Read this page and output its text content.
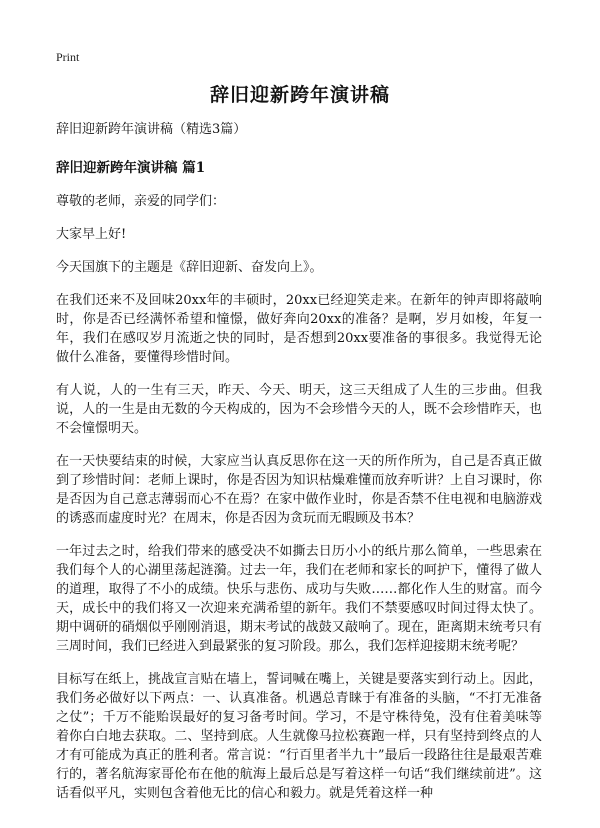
Print
辞旧迎新跨年演讲稿

辞旧迎新跨年演讲稿（精选3篇）

辞旧迎新跨年演讲稿 篇1

尊敬的老师，亲爱的同学们：

大家早上好!

今天国旗下的主题是《辞旧迎新、奋发向上》。

在我们还来不及回味20xx年的丰硕时，20xx已经迎笑走来。在新年的钟声即将敲响时，你是否已经满怀希望和憧憬，做好奔向20xx的准备？是啊，岁月如梭，年复一年，我们在感叹岁月流逝之快的同时，是否想到20xx要准备的事很多。我觉得无论做什么准备，要懂得珍惜时间。

有人说，人的一生有三天，昨天、今天、明天，这三天组成了人生的三步曲。但我说，人的一生是由无数的今天构成的，因为不会珍惜今天的人，既不会珍惜昨天，也不会憧憬明天。

在一天快要结束的时候，大家应当认真反思你在这一天的所作所为，自己是否真正做到了珍惜时间：老师上课时，你是否因为知识枯燥难懂而放弃听讲？上自习课时，你是否因为自己意志薄弱而心不在焉？在家中做作业时，你是否禁不住电视和电脑游戏的诱惑而虚度时光？在周末，你是否因为贪玩而无暇顾及书本？

一年过去之时，给我们带来的感受决不如撕去日历小小的纸片那么简单，一些思索在我们每个人的心湖里荡起涟漪。过去一年，我们在老师和家长的呵护下，懂得了做人的道理，取得了不小的成绩。快乐与悲伤、成功与失败……都化作人生的财富。而今天，成长中的我们将又一次迎来充满希望的新年。我们不禁要感叹时间过得太快了。期中调研的硝烟似乎刚刚消退，期末考试的战鼓又敲响了。现在，距离期末统考只有三周时间，我们已经进入到最紧张的复习阶段。那么，我们怎样迎接期末统考呢？

目标写在纸上，挑战宣言贴在墙上，誓词喊在嘴上，关键是要落实到行动上。因此，我们务必做好以下两点：一、认真准备。机遇总青睐于有准备的头脑，“不打无准备之仗”；千万不能贻误最好的复习备考时间。学习，不是守株待兔，没有住着美味等着你白白地去获取。二、坚持到底。人生就像马拉松赛跑一样，只有坚持到终点的人才有可能成为真正的胜利者。常言说：“行百里者半九十”最后一段路往往是最艰苦难行的，著名航海家哥伦布在他的航海上最后总是写着这样一句话“我们继续前进”。这话看似平凡，实则包含着他无比的信心和毅力。就是凭着这样一种
